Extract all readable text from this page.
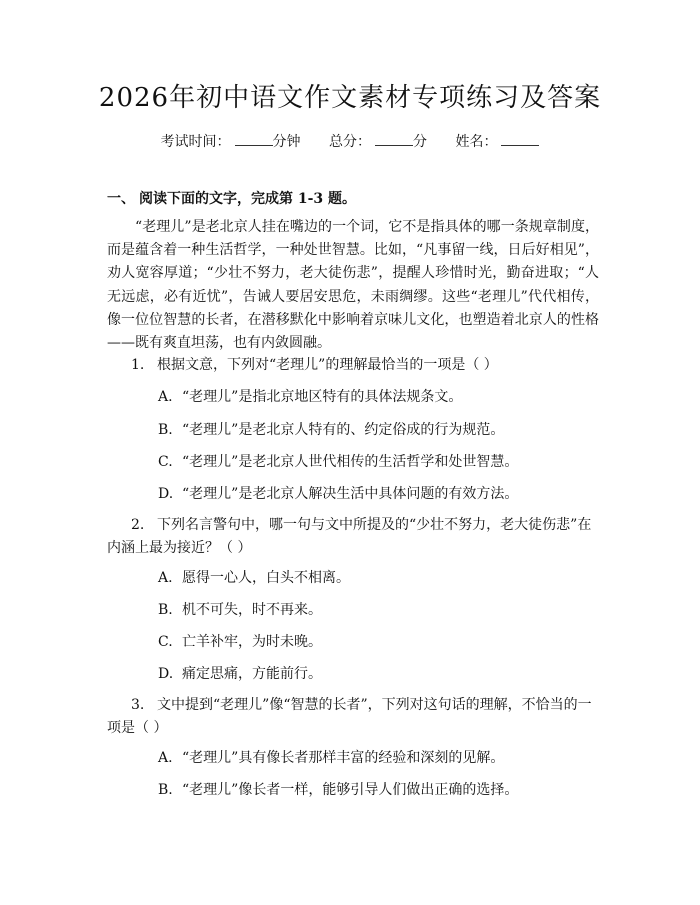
2026年初中语文作文素材专项练习及答案
考试时间：	分钟 总分：	分 姓名：
一、 阅读下面的文字，完成第 1-3 题。
“老理儿”是老北京人挂在嘴边的一个词，它不是指具体的哪一条规章制度，而是蕴含着一种生活哲学，一种处世智慧。比如，“凡事留一线，日后好相见”，劝人宽容厚道；“少壮不努力，老大徒伤悲”，提醒人珍惜时光，勤奋进取；“人无远虑，必有近忧”，告诫人要居安思危，未雨绸缪。这些“老理儿”代代相传，像一位位智慧的长者，在潜移默化中影响着京味儿文化，也塑造着北京人的性格——既有爽直坦荡，也有内敛圆融。
1. 根据文意，下列对“老理儿”的理解最恰当的一项是（ ）
A. “老理儿”是指北京地区特有的具体法规条文。
B. “老理儿”是老北京人特有的、约定俗成的行为规范。
C. “老理儿”是老北京人世代相传的生活哲学和处世智慧。
D. “老理儿”是老北京人解决生活中具体问题的有效方法。
2. 下列名言警句中，哪一句与文中所提及的“少壮不努力，老大徒伤悲”在内涵上最为接近？（ ）
A. 愿得一心人，白头不相离。
B. 机不可失，时不再来。
C. 亡羊补牢，为时未晚。
D. 痛定思痛，方能前行。
3. 文中提到“老理儿”像“智慧的长者”，下列对这句话的理解，不恰当的一项是（ ）
A. “老理儿”具有像长者那样丰富的经验和深刻的见解。
B. “老理儿”像长者一样，能够引导人们做出正确的选择。
